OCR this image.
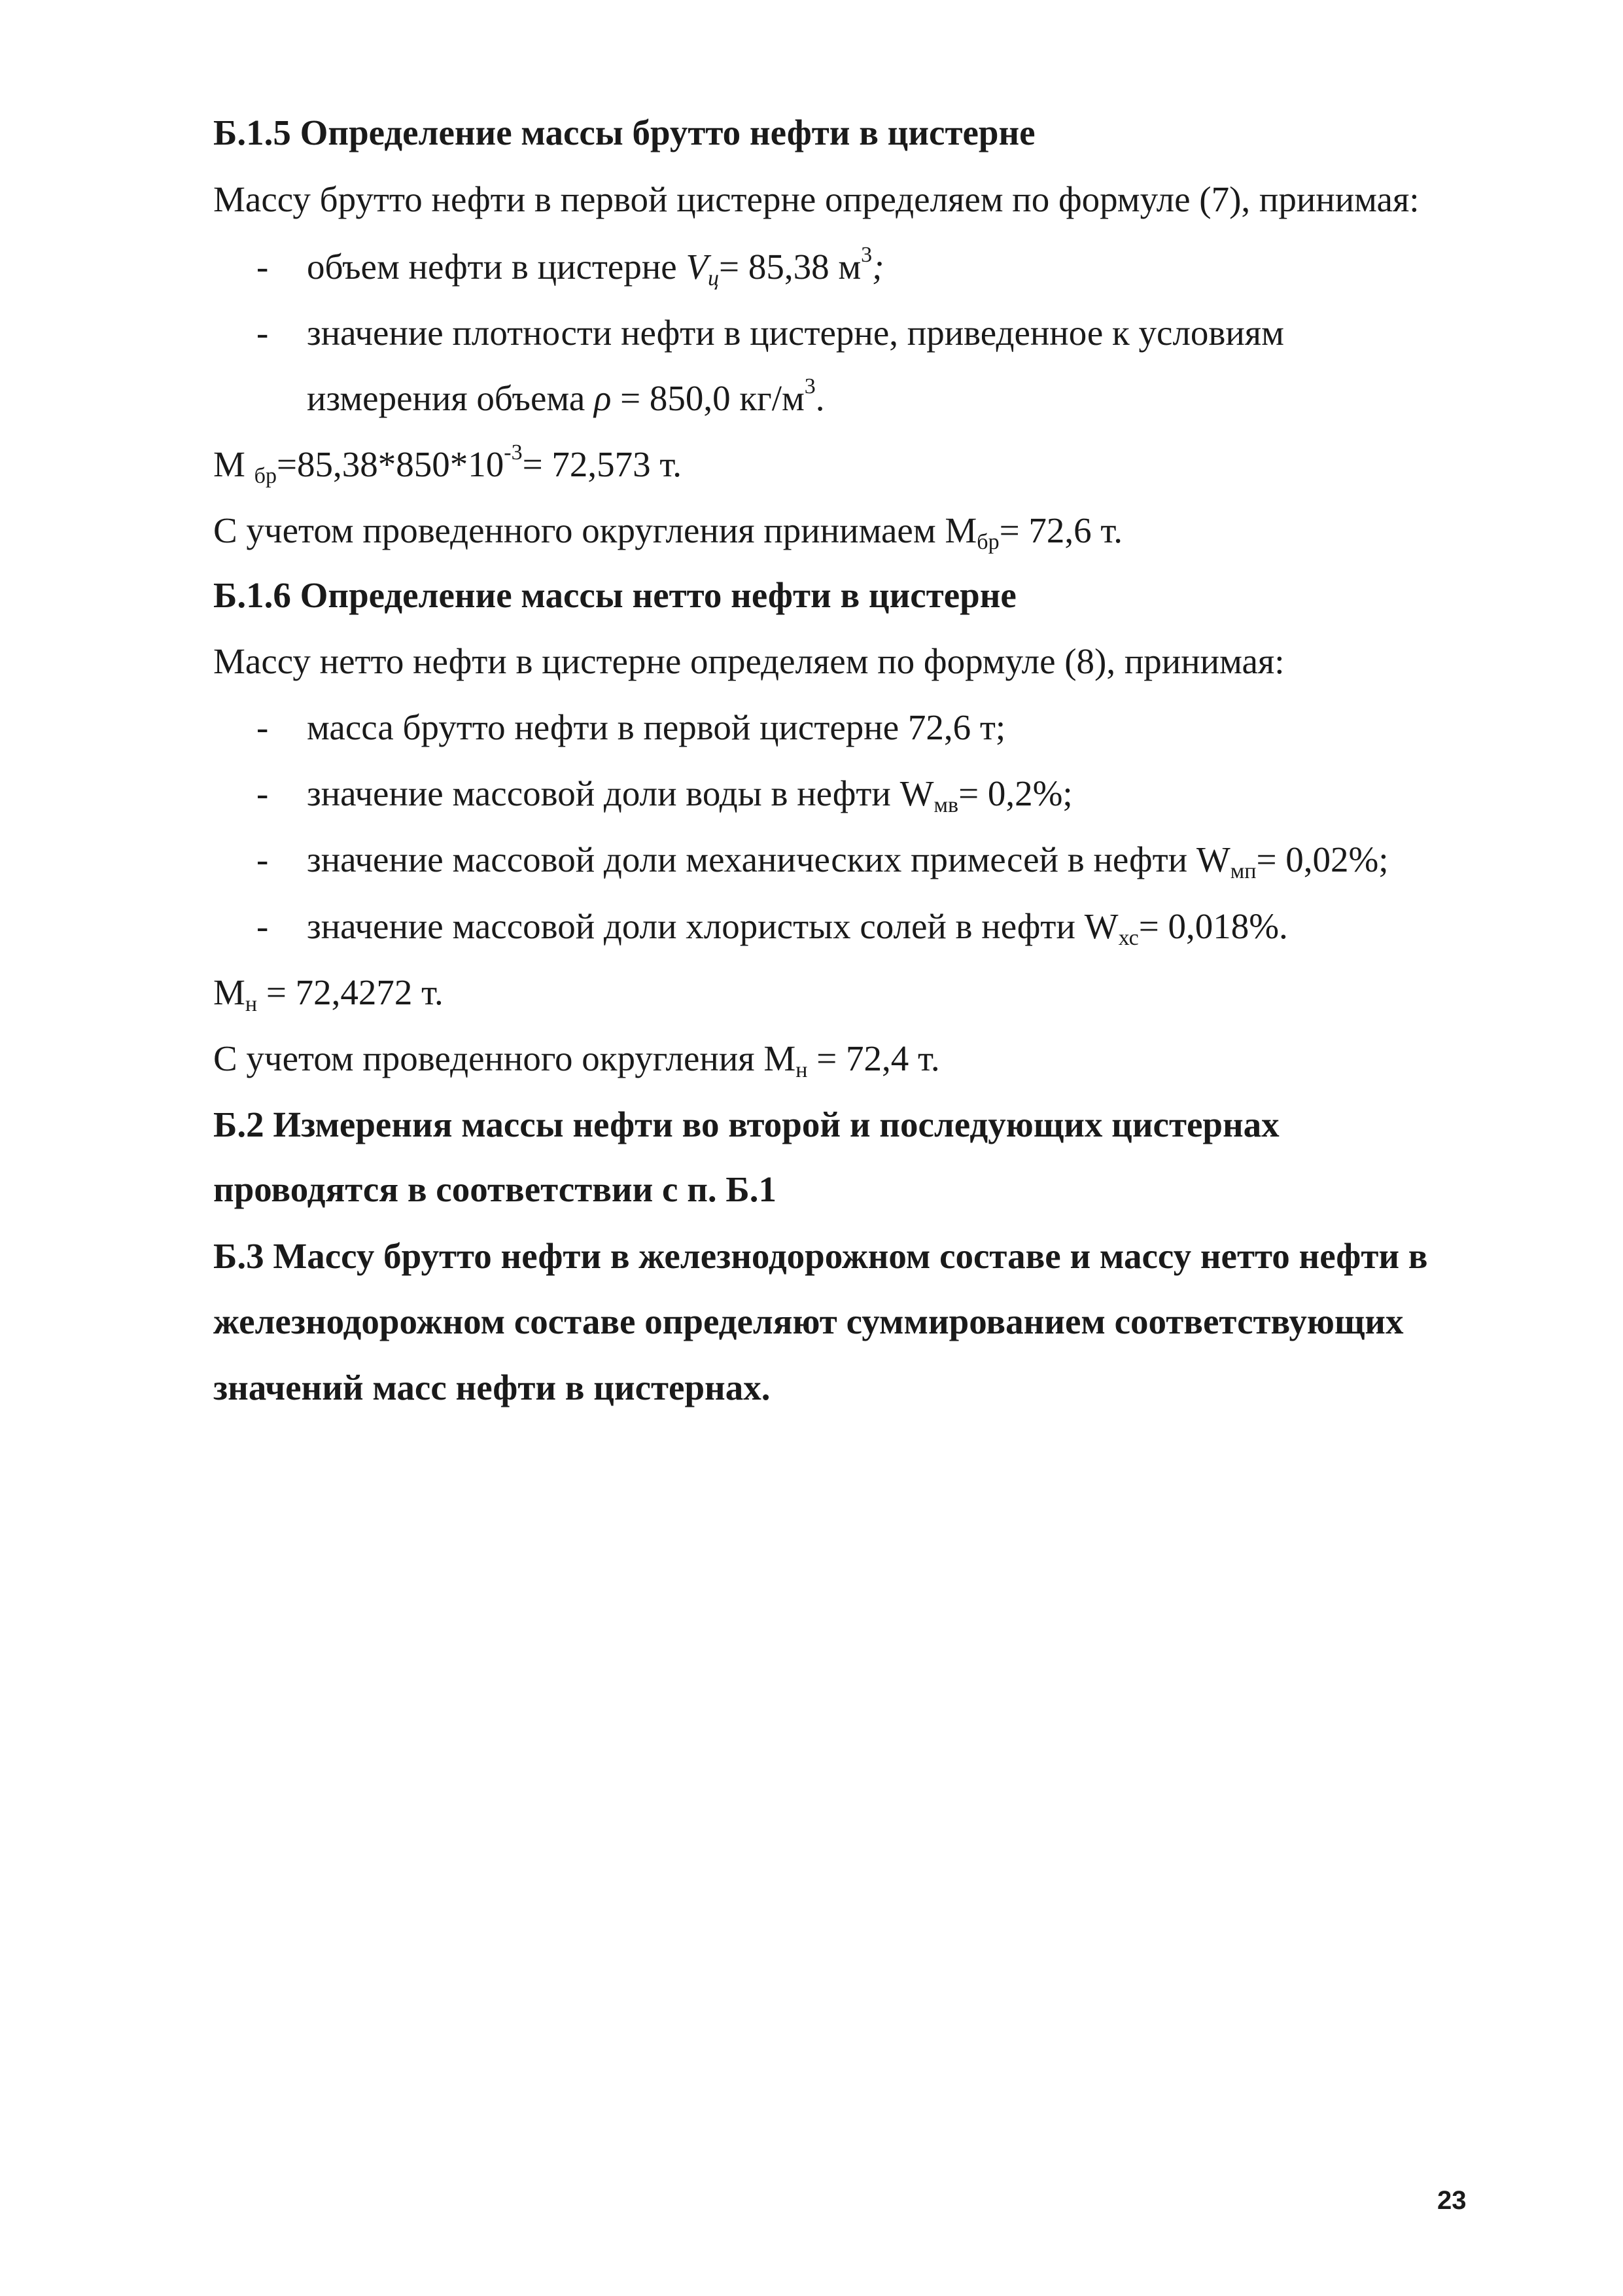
Б.1.5 Определение массы брутто нефти в цистерне
Массу брутто нефти в первой цистерне определяем по формуле (7), принимая:
- объем нефти в цистерне $V_ц= 85,38$ $м^3$;
- значение плотности нефти в цистерне, приведенное к условиям
измерения объема ρ = 850,0 $кг/м^3$.
М $_{бр}=85,38*850*10^{-3}= 72,573$ т.
С учетом проведенного округления принимаем $М_{бр}= 72,6$ т.
Б.1.6 Определение массы нетто нефти в цистерне
Массу нетто нефти в цистерне определяем по формуле (8), принимая:
- масса брутто нефти в первой цистерне 72,6 т;
- значение массовой доли воды в нефти $W_{мв}= 0,2\%$;
- значение массовой доли механических примесей в нефти $W_{мп}= 0,02\%$;
- значение массовой доли хлористых солей в нефти $W_{хс}= 0,018\%$.
$М_н = 72,4272$ т.
С учетом проведенного округления $М_н = 72,4$ т.
Б.2 Измерения массы нефти во второй и последующих цистернах
проводятся в соответствии с п. Б.1
Б.3 Массу брутто нефти в железнодорожном составе и массу нетто нефти в
железнодорожном составе определяют суммированием соответствующих
значений масс нефти в цистернах.
23
